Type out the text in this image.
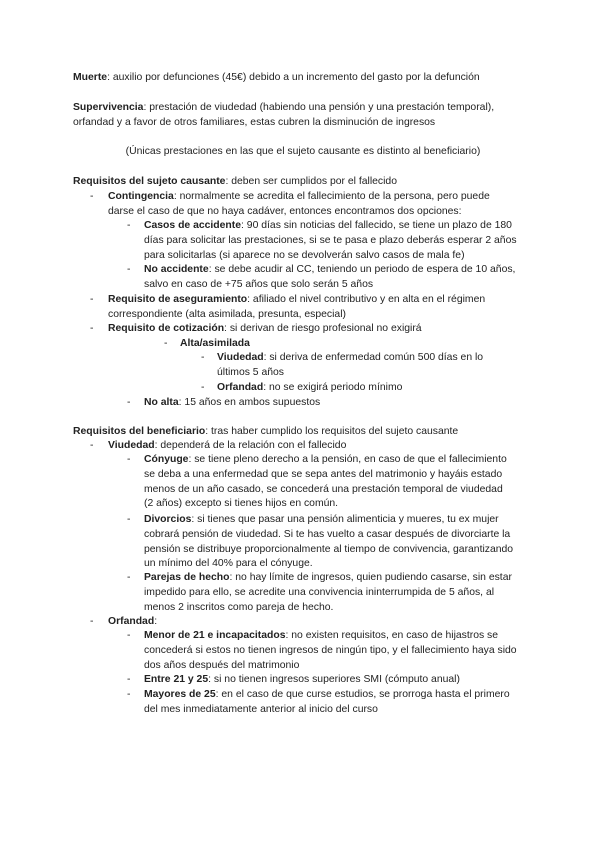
Muerte: auxilio por defunciones (45€) debido a un incremento del gasto por la defunción
Supervivencia: prestación de viudedad (habiendo una pensión y una prestación temporal), orfandad y a favor de otros familiares, estas cubren la disminución de ingresos
(Únicas prestaciones en las que el sujeto causante es distinto al beneficiario)
Requisitos del sujeto causante: deben ser cumplidos por el fallecido
- Contingencia: normalmente se acredita el fallecimiento de la persona, pero puede darse el caso de que no haya cadáver, entonces encontramos dos opciones:
- Casos de accidente: 90 días sin noticias del fallecido, se tiene un plazo de 180 días para solicitar las prestaciones, si se te pasa e plazo deberás esperar 2 años para solicitarlas (si aparece no se devolverán salvo casos de mala fe)
- No accidente: se debe acudir al CC, teniendo un periodo de espera de 10 años, salvo en caso de +75 años que solo serán 5 años
- Requisito de aseguramiento: afiliado el nivel contributivo y en alta en el régimen correspondiente (alta asimilada, presunta, especial)
- Requisito de cotización: si derivan de riesgo profesional no exigirá
- Alta/asimilada
- Viudedad: si deriva de enfermedad común 500 días en lo últimos 5 años
- Orfandad: no se exigirá periodo mínimo
- No alta: 15 años en ambos supuestos
Requisitos del beneficiario: tras haber cumplido los requisitos del sujeto causante
- Viudedad: dependerá de la relación con el fallecido
- Cónyuge: se tiene pleno derecho a la pensión, en caso de que el fallecimiento se deba a una enfermedad que se sepa antes del matrimonio y hayáis estado menos de un año casado, se concederá una prestación temporal de viudedad (2 años) excepto si tienes hijos en común.
- Divorcios: si tienes que pasar una pensión alimenticia y mueres, tu ex mujer cobrará pensión de viudedad. Si te has vuelto a casar después de divorciarte la pensión se distribuye proporcionalmente al tiempo de convivencia, garantizando un mínimo del 40% para el cónyuge.
- Parejas de hecho: no hay límite de ingresos, quien pudiendo casarse, sin estar impedido para ello, se acredite una convivencia ininterrumpida de 5 años, al menos 2 inscritos como pareja de hecho.
- Orfandad:
- Menor de 21 e incapacitados: no existen requisitos, en caso de hijastros se concederá si estos no tienen ingresos de ningún tipo, y el fallecimiento haya sido dos años después del matrimonio
- Entre 21 y 25: si no tienen ingresos superiores SMI (cómputo anual)
- Mayores de 25: en el caso de que curse estudios, se prorroga hasta el primero del mes inmediatamente anterior al inicio del curso
